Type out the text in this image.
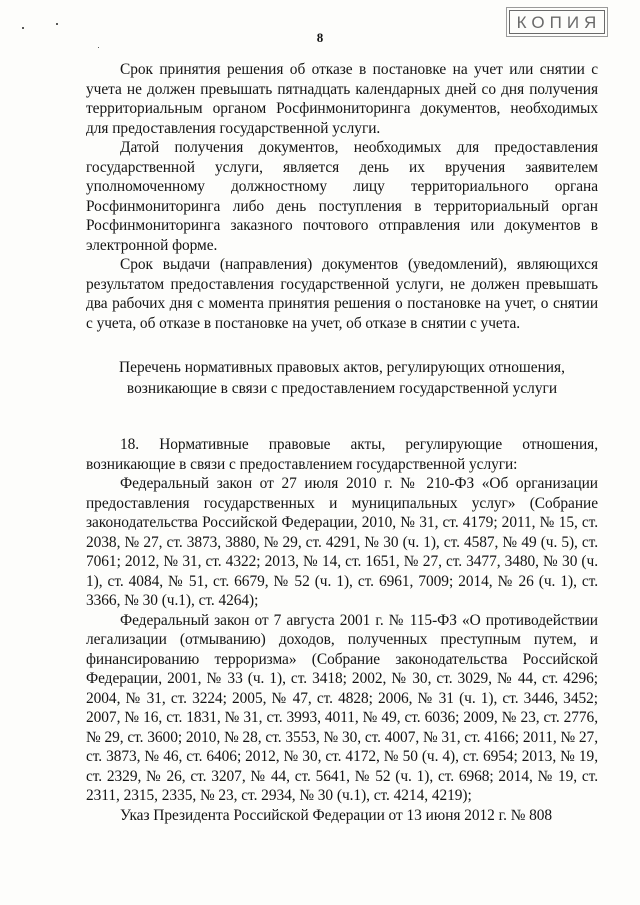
8
КОПИЯ

Срок принятия решения об отказе в постановке на учет или снятии с учета не должен превышать пятнадцать календарных дней со дня получения территориальным органом Росфинмониторинга документов, необходимых для предоставления государственной услуги.

Датой получения документов, необходимых для предоставления государственной услуги, является день их вручения заявителем уполномоченному должностному лицу территориального органа Росфинмониторинга либо день поступления в территориальный орган Росфинмониторинга заказного почтового отправления или документов в электронной форме.

Срок выдачи (направления) документов (уведомлений), являющихся результатом предоставления государственной услуги, не должен превышать два рабочих дня с момента принятия решения о постановке на учет, о снятии с учета, об отказе в постановке на учет, об отказе в снятии с учета.

Перечень нормативных правовых актов, регулирующих отношения, возникающие в связи с предоставлением государственной услуги

18. Нормативные правовые акты, регулирующие отношения, возникающие в связи с предоставлением государственной услуги:

Федеральный закон от 27 июля 2010 г. № 210-ФЗ «Об организации предоставления государственных и муниципальных услуг» (Собрание законодательства Российской Федерации, 2010, № 31, ст. 4179; 2011, № 15, ст. 2038, № 27, ст. 3873, 3880, № 29, ст. 4291, № 30 (ч. 1), ст. 4587, № 49 (ч. 5), ст. 7061; 2012, № 31, ст. 4322; 2013, № 14, ст. 1651, № 27, ст. 3477, 3480, № 30 (ч. 1), ст. 4084, № 51, ст. 6679, № 52 (ч. 1), ст. 6961, 7009; 2014, № 26 (ч. 1), ст. 3366, № 30 (ч.1), ст. 4264);

Федеральный закон от 7 августа 2001 г. № 115-ФЗ «О противодействии легализации (отмыванию) доходов, полученных преступным путем, и финансированию терроризма» (Собрание законодательства Российской Федерации, 2001, № 33 (ч. 1), ст. 3418; 2002, № 30, ст. 3029, № 44, ст. 4296; 2004, № 31, ст. 3224; 2005, № 47, ст. 4828; 2006, № 31 (ч. 1), ст. 3446, 3452; 2007, № 16, ст. 1831, № 31, ст. 3993, 4011, № 49, ст. 6036; 2009, № 23, ст. 2776, № 29, ст. 3600; 2010, № 28, ст. 3553, № 30, ст. 4007, № 31, ст. 4166; 2011, № 27, ст. 3873, № 46, ст. 6406; 2012, № 30, ст. 4172, № 50 (ч. 4), ст. 6954; 2013, № 19, ст. 2329, № 26, ст. 3207, № 44, ст. 5641, № 52 (ч. 1), ст. 6968; 2014, № 19, ст. 2311, 2315, 2335, № 23, ст. 2934, № 30 (ч.1), ст. 4214, 4219);

Указ Президента Российской Федерации от 13 июня 2012 г. № 808
